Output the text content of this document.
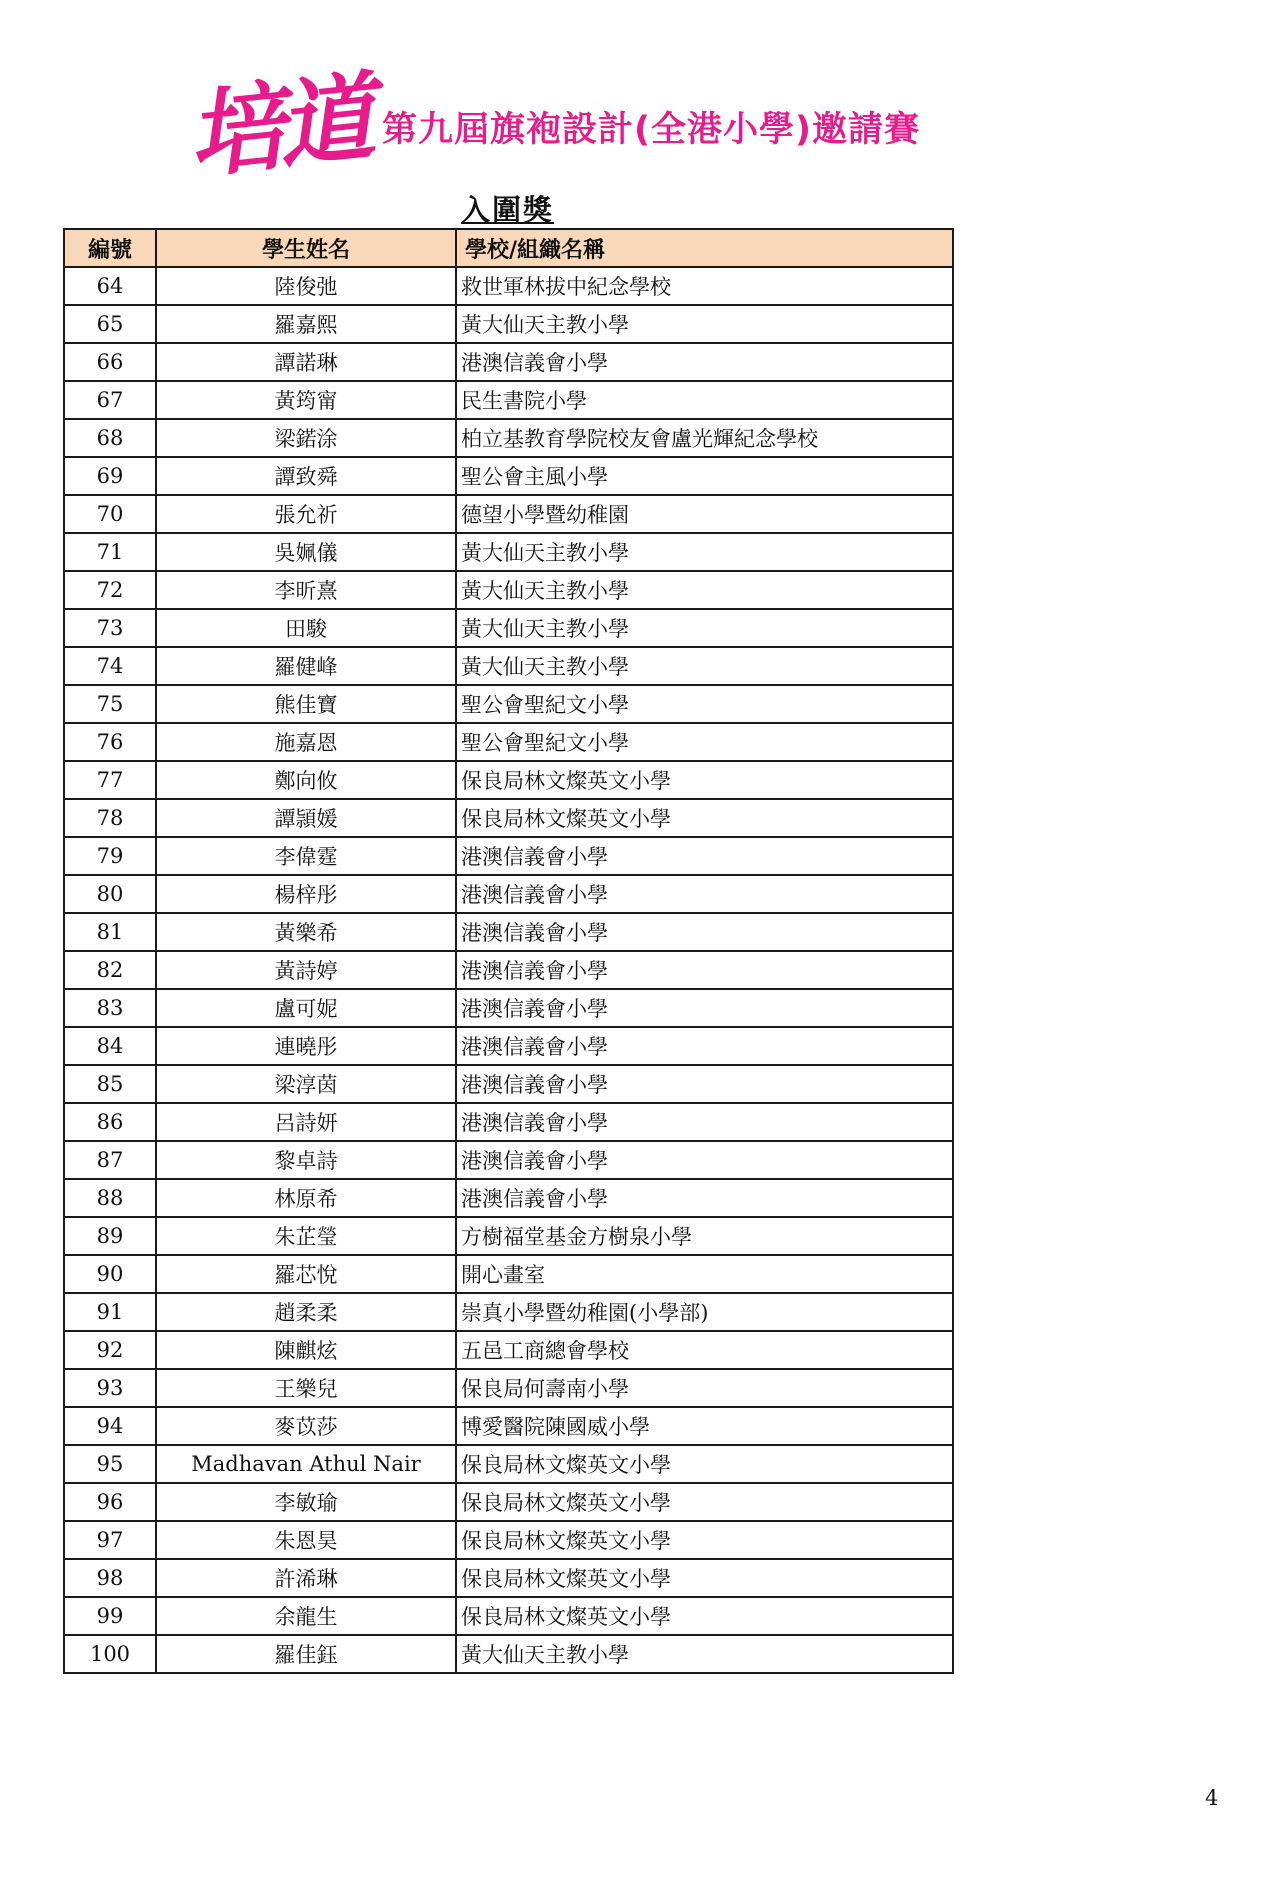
培道 第九屆旗袍設計(全港小學)邀請賽
入圍獎
編號	學生姓名	學校/組織名稱
64	陸俊弛	救世軍林拔中紀念學校
65	羅嘉熙	黃大仙天主教小學
66	譚諾琳	港澳信義會小學
67	黃筠甯	民生書院小學
68	梁鍩涂	柏立基教育學院校友會盧光輝紀念學校
69	譚致舜	聖公會主風小學
70	張允祈	德望小學暨幼稚園
71	吳姵儀	黃大仙天主教小學
72	李昕熹	黃大仙天主教小學
73	田駿	黃大仙天主教小學
74	羅健峰	黃大仙天主教小學
75	熊佳寶	聖公會聖紀文小學
76	施嘉恩	聖公會聖紀文小學
77	鄭向攸	保良局林文燦英文小學
78	譚頴媛	保良局林文燦英文小學
79	李偉霆	港澳信義會小學
80	楊梓彤	港澳信義會小學
81	黃樂希	港澳信義會小學
82	黃詩婷	港澳信義會小學
83	盧可妮	港澳信義會小學
84	連曉彤	港澳信義會小學
85	梁淳茵	港澳信義會小學
86	呂詩妍	港澳信義會小學
87	黎卓詩	港澳信義會小學
88	林原希	港澳信義會小學
89	朱芷瑩	方樹福堂基金方樹泉小學
90	羅芯悅	開心畫室
91	趙柔柔	崇真小學暨幼稚園(小學部)
92	陳麒炫	五邑工商總會學校
93	王樂兒	保良局何壽南小學
94	麥苡莎	博愛醫院陳國威小學
95	Madhavan Athul Nair	保良局林文燦英文小學
96	李敏瑜	保良局林文燦英文小學
97	朱恩昊	保良局林文燦英文小學
98	許浠琳	保良局林文燦英文小學
99	余龍生	保良局林文燦英文小學
100	羅佳鈺	黃大仙天主教小學
4
